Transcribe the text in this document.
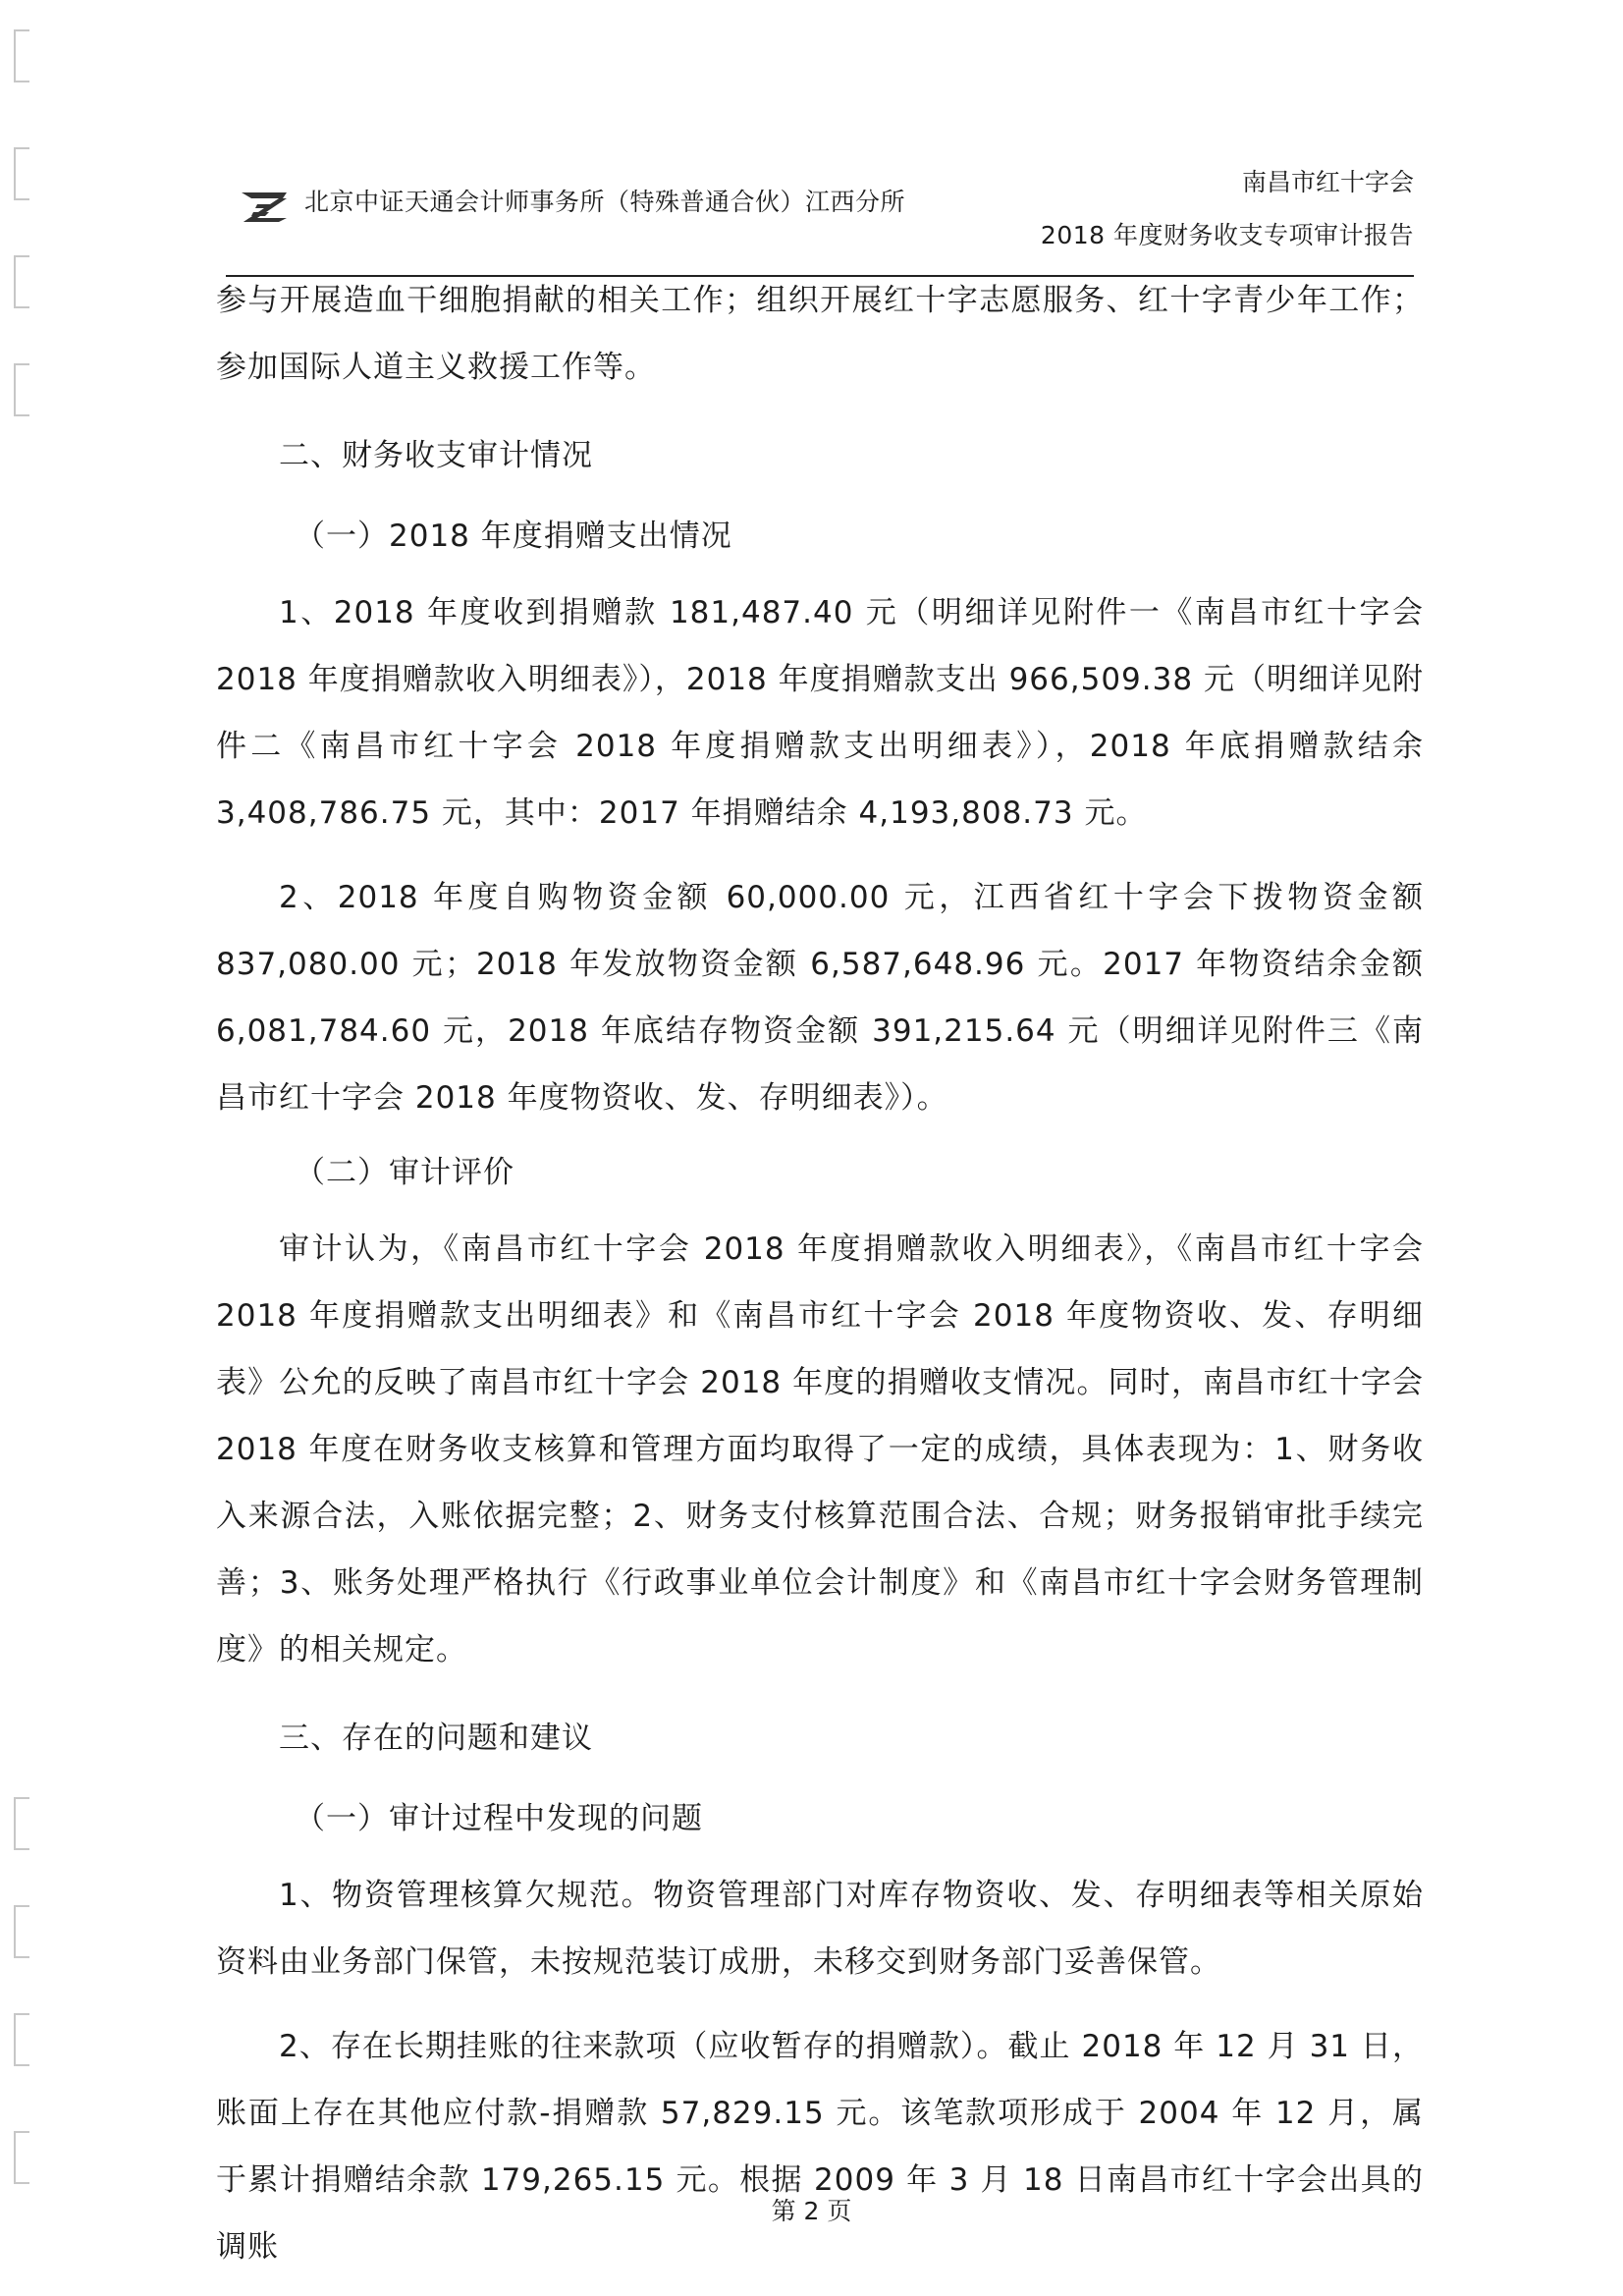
北京中证天通会计师事务所（特殊普通合伙）江西分所
南昌市红十字会
2018 年度财务收支专项审计报告

参与开展造血干细胞捐献的相关工作；组织开展红十字志愿服务、红十字青少年工作；参加国际人道主义救援工作等。

二、财务收支审计情况
（一）2018 年度捐赠支出情况

1、2018 年度收到捐赠款 181,487.40 元（明细详见附件一《南昌市红十字会 2018 年度捐赠款收入明细表》），2018 年度捐赠款支出 966,509.38 元（明细详见附件二《南昌市红十字会 2018 年度捐赠款支出明细表》），2018 年底捐赠款结余 3,408,786.75 元，其中：2017 年捐赠结余 4,193,808.73 元。

2、2018 年度自购物资金额 60,000.00 元，江西省红十字会下拨物资金额 837,080.00 元；2018 年发放物资金额 6,587,648.96 元。2017 年物资结余金额 6,081,784.60 元，2018 年底结存物资金额 391,215.64 元（明细详见附件三《南昌市红十字会 2018 年度物资收、发、存明细表》）。

（二）审计评价

审计认为，《南昌市红十字会 2018 年度捐赠款收入明细表》，《南昌市红十字会 2018 年度捐赠款支出明细表》和《南昌市红十字会 2018 年度物资收、发、存明细表》公允的反映了南昌市红十字会 2018 年度的捐赠收支情况。同时，南昌市红十字会 2018 年度在财务收支核算和管理方面均取得了一定的成绩，具体表现为：1、财务收入来源合法，入账依据完整；2、财务支付核算范围合法、合规；财务报销审批手续完善；3、账务处理严格执行《行政事业单位会计制度》和《南昌市红十字会财务管理制度》的相关规定。

三、存在的问题和建议
（一）审计过程中发现的问题

1、物资管理核算欠规范。物资管理部门对库存物资收、发、存明细表等相关原始资料由业务部门保管，未按规范装订成册，未移交到财务部门妥善保管。

2、存在长期挂账的往来款项（应收暂存的捐赠款）。截止 2018 年 12 月 31 日，账面上存在其他应付款-捐赠款 57,829.15 元。该笔款项形成于 2004 年 12 月，属于累计捐赠结余款 179,265.15 元。根据 2009 年 3 月 18 日南昌市红十字会出具的调账

第 2 页
